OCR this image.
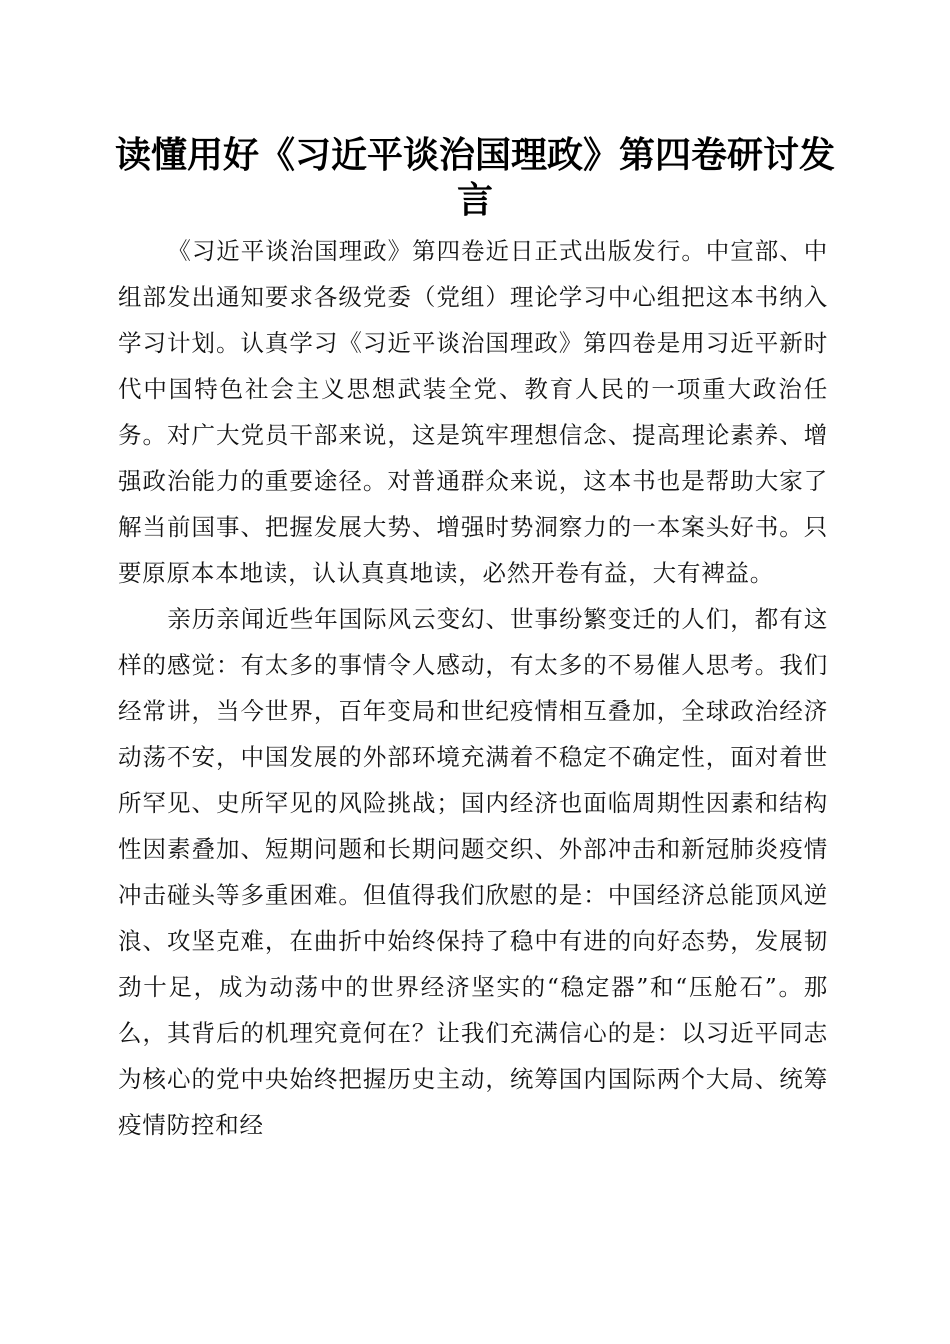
读懂用好《习近平谈治国理政》第四卷研讨发言

《习近平谈治国理政》第四卷近日正式出版发行。中宣部、中组部发出通知要求各级党委（党组）理论学习中心组把这本书纳入学习计划。认真学习《习近平谈治国理政》第四卷是用习近平新时代中国特色社会主义思想武装全党、教育人民的一项重大政治任务。对广大党员干部来说，这是筑牢理想信念、提高理论素养、增强政治能力的重要途径。对普通群众来说，这本书也是帮助大家了解当前国事、把握发展大势、增强时势洞察力的一本案头好书。只要原原本本地读，认认真真地读，必然开卷有益，大有裨益。

亲历亲闻近些年国际风云变幻、世事纷繁变迁的人们，都有这样的感觉：有太多的事情令人感动，有太多的不易催人思考。我们经常讲，当今世界，百年变局和世纪疫情相互叠加，全球政治经济动荡不安，中国发展的外部环境充满着不稳定不确定性，面对着世所罕见、史所罕见的风险挑战；国内经济也面临周期性因素和结构性因素叠加、短期问题和长期问题交织、外部冲击和新冠肺炎疫情冲击碰头等多重困难。但值得我们欣慰的是：中国经济总能顶风逆浪、攻坚克难，在曲折中始终保持了稳中有进的向好态势，发展韧劲十足，成为动荡中的世界经济坚实的“稳定器”和“压舱石”。那么，其背后的机理究竟何在？让我们充满信心的是：以习近平同志为核心的党中央始终把握历史主动，统筹国内国际两个大局、统筹疫情防控和经
